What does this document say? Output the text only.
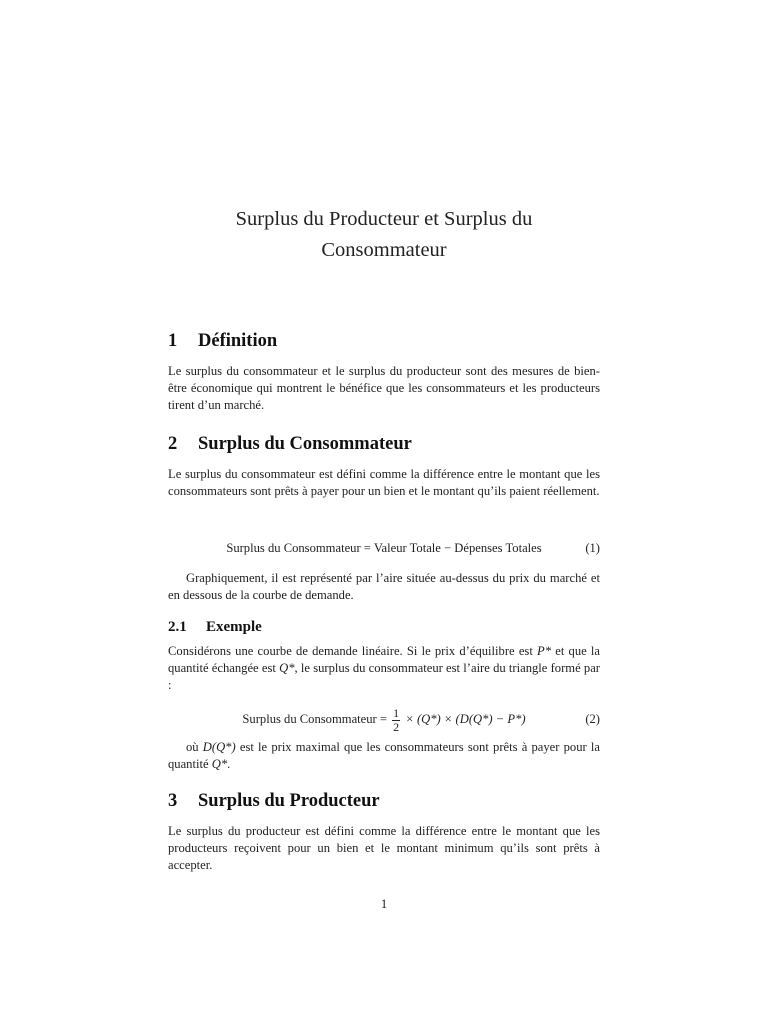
Surplus du Producteur et Surplus du
Consommateur
1 Définition

Le surplus du consommateur et le surplus du producteur sont des mesures de bien-être économique qui montrent le bénéfice que les consommateurs et les producteurs tirent d’un marché.

2 Surplus du Consommateur

Le surplus du consommateur est défini comme la différence entre le montant que les consommateurs sont prêts à payer pour un bien et le montant qu’ils paient réellement.

Surplus du Consommateur = Valeur Totale − Dépenses Totales	(1)

Graphiquement, il est représenté par l’aire située au-dessus du prix du marché et en dessous de la courbe de demande.

2.1 Exemple

Considérons une courbe de demande linéaire. Si le prix d’équilibre est P* et que la quantité échangée est Q*, le surplus du consommateur est l’aire du triangle formé par :

Surplus du Consommateur = $\frac{1}{2} \times (Q*) \times (D(Q*) - P*)$	(2)

où D(Q*) est le prix maximal que les consommateurs sont prêts à payer pour la quantité Q*.

3 Surplus du Producteur

Le surplus du producteur est défini comme la différence entre le montant que les producteurs reçoivent pour un bien et le montant minimum qu’ils sont prêts à accepter.

1
